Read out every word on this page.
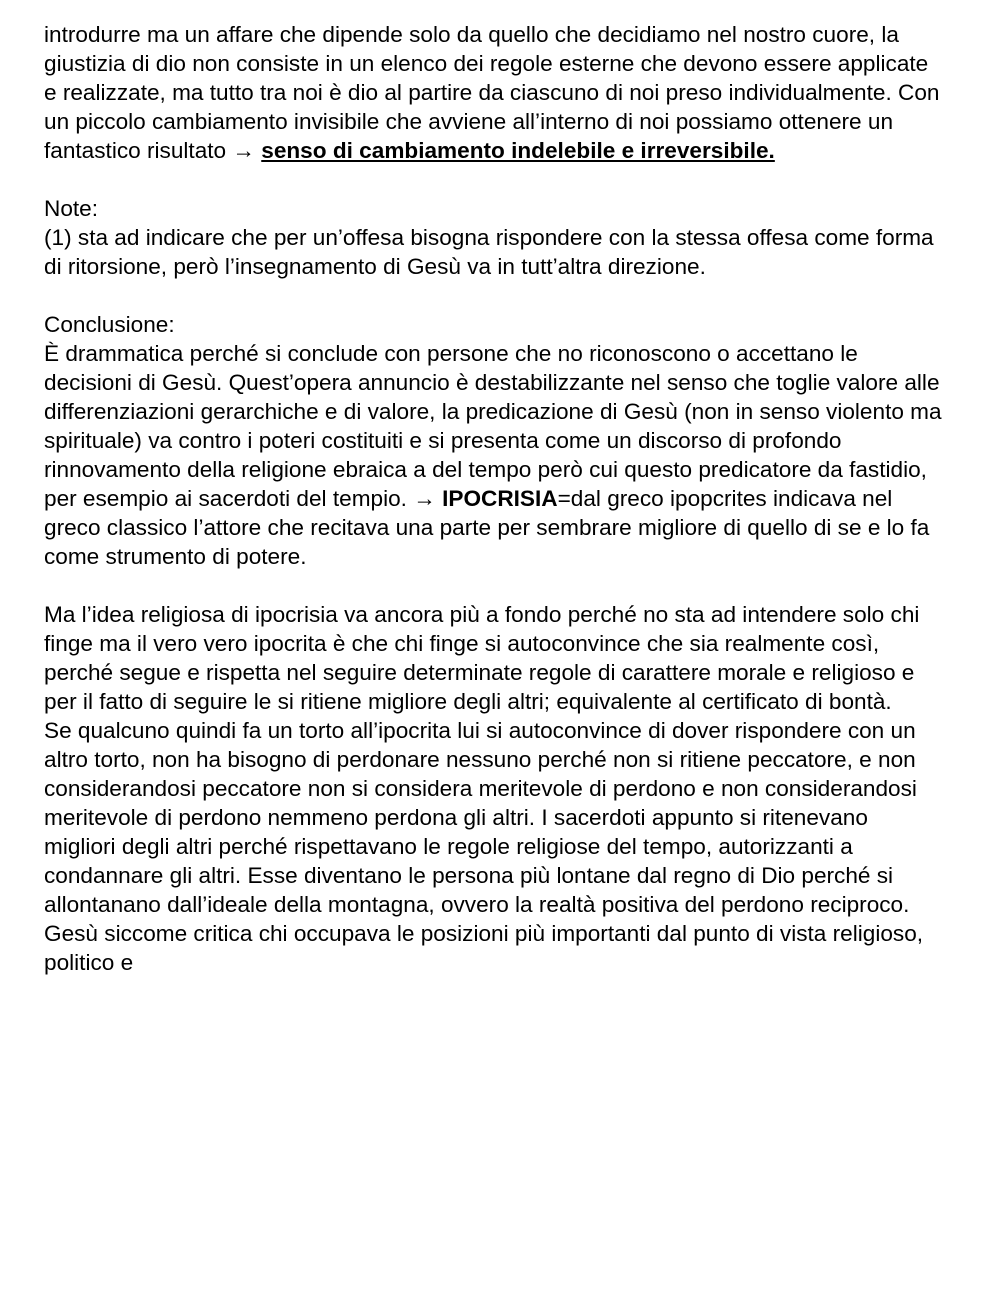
introdurre ma un affare che dipende solo da quello che decidiamo nel nostro cuore, la giustizia di dio non consiste in un elenco dei regole esterne che devono essere applicate e realizzate, ma tutto tra noi è dio al partire da ciascuno di noi preso individualmente. Con un piccolo cambiamento invisibile che avviene all’interno di noi possiamo ottenere un fantastico risultato → senso di cambiamento indelebile e irreversibile.

Note:

(1) sta ad indicare che per un’offesa bisogna rispondere con la stessa offesa come forma di ritorsione, però l’insegnamento di Gesù va in tutt’altra direzione.

Conclusione:

È drammatica perché si conclude con persone che no riconoscono o accettano le decisioni di Gesù. Quest’opera annuncio è destabilizzante nel senso che toglie valore alle differenziazioni gerarchiche e di valore, la predicazione di Gesù (non in senso violento ma spirituale) va contro i poteri costituiti e si presenta come un discorso di profondo rinnovamento della religione ebraica a del tempo però cui questo predicatore da fastidio, per esempio ai sacerdoti del tempio. → IPOCRISIA=dal greco ipopcrites indicava nel greco classico l’attore che recitava una parte per sembrare migliore di quello di se e lo fa come strumento di potere.

Ma l’idea religiosa di ipocrisia va ancora più a fondo perché no sta ad intendere solo chi finge ma il vero vero ipocrita è che chi finge si autoconvince che sia realmente così, perché segue e rispetta nel seguire determinate regole di carattere morale e religioso e per il fatto di seguire le si ritiene migliore degli altri; equivalente al certificato di bontà.

Se qualcuno quindi fa un torto all’ipocrita lui si autoconvince di dover rispondere con un altro torto, non ha bisogno di perdonare nessuno perché non si ritiene peccatore, e non considerandosi peccatore non si considera meritevole di perdono e non considerandosi meritevole di perdono nemmeno perdona gli altri. I sacerdoti appunto si ritenevano migliori degli altri perché rispettavano le regole religiose del tempo, autorizzanti a condannare gli altri. Esse diventano le persona più lontane dal regno di Dio perché si allontanano dall’ideale della montagna, ovvero la realtà positiva del perdono reciproco. Gesù siccome critica chi occupava le posizioni più importanti dal punto di vista religioso, politico e
